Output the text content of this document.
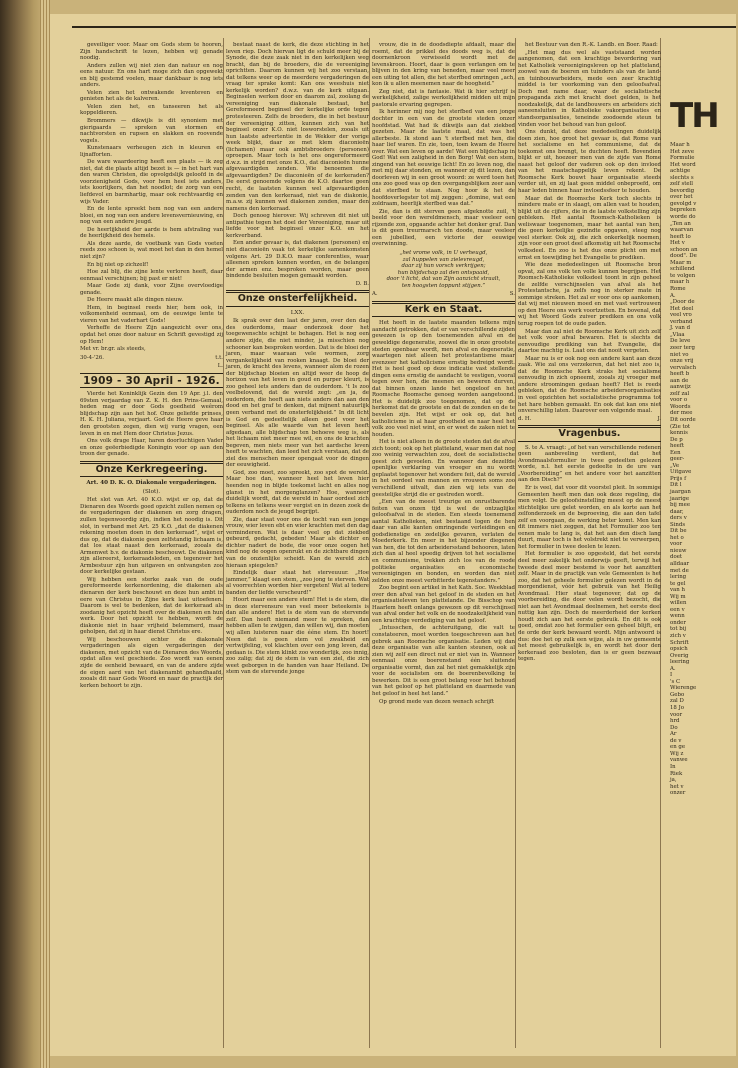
geveiliger voor. Maar om Gods stem te hooren, Zijn handschrift te lezen, hebben wij genade noodig.

Anders zullen wij niet zien dan natuur en nog eens natuur. En ons hart moge zich dan opgewekt en blij gestemd voelen, maar dankbaar is nog iets anders.

Velen zien het ontwakende leventeven en genieten het als de kalveren.

Velen zien het, en tanseeren het als koppeldieren.

Brommers — dikwijls is dit synoniem met gierigaards — spreken van stormen en nachtvorsten en rupsen en slakken en roovende vogels.

Kunstenaars verheugen zich in kleuren en lijnafforten.

De ware waardeering heeft een plaats — ik zeg niet, dat die plaats altijd bezet is — in het hart van den waren Christen, die opvolgdslijk geloofd in de voorzienigheid Gods, voor hem heel iets anders, iets koorlijkers, dan het noodlot; de zorg van een liefdevol en barmhartig, maar ook rechtvaardig en wijs Vader.

En de lente spreekt hem nog van een andere bloei, en nog van een andere levensvernieuwing, en nog van een andere jeugd.

De heerlijkheid der aarde is hem afstraling van de heerlijkheid des hemels.

Als deze aarde, de voetbank van Gods voeten reeds zoo schoon is, wat moet het dan in den hemel niet zijn?

En bij niet op zichzelf!

Hoe zal blij, die zijne lente verloren heeft, daar eenmaal verschijnen; bij past er niet!

Maar Gode zij dank, voor Zijne overvloedige genade.

De Heere maakt alle dingen nieuw.

Hem, in beginsel reeds hier, hem ook, in volkomenheid eenmaal, om de eeuwige lente te vieren van het vaderhart Gods!

Verheffe de Heere Zijn aangezicht over ons, opdat het onze door natuur en Schrift gevestigd zij op Hem!

Met vr. br.gr. als steeds,
30-4-'26.	t.t.
L.
1909 - 30 April - 1926.

Vierde het Koninklijk Gezin den 19 Apr. j.l. den 69sten verjaardag van Z. K. H. den Prins-Gemaal, heden mag er door Gods goedheid weêrom blijdschap zijn aan het hof. Onze geliefde prinses, H. K. H. Juliana, verjaart. God de Heere geve haar den grootsten zegen, dien wij vurig vragen, een leven in en met Hem door Christus Jezus.

Ons volk drage Haar, haren doorluchtigen Vader en onze geëerbiedigde Koningin voor op aan den troon der genade.

Onze Kerkregeering.
Art. 40 D. K. O. Diakonale vergaderingen.
(Slot).

Het slot van Art. 40 K.O. wijst er op, dat de Dienaren des Woords goed opzicht zullen nemen op de vergaderingen der diakenen en zorg dragen, zullen tegenwoordig zijn, indien het noodig is. Dit slot, in verband met Art. 25 K.O. „dat de diakenen rekening moeten doen in den kerkeraad”, wijst er dus op, dat de diakonie geen zelfstandig lichaam is, dat los staat naast den kerkeraad, zooals de Armenwet b.v. de diakonie beschouwt. De diakenen zijn allereerst, kerkeraadsleden, en tegenover het Armbestuur zijn hun uitgaven en ontvangsten zoo door kerkelijke gestaan.

Wij hebben een sterke zaak van de oude gereformeerde kerkenordening, die diakenen als dienaren der kerk beschouwt en deze hun ambt in eere van Christus in Zijne kerk laat uitoefenen. Daarom is wel te bedenken, dat de kerkeraad als zoodanig het opzicht heeft over de diakenen en hun werk. Door het opzicht te hebben, wordt de diakonie niet in haar vrijheid belemmerd, maar geholpen, dat zij in haar dienst Christus ere.

Wij beschouwen echter de diakonale vergaderingen als eigen vergaderingen der diakenen, met opzicht van de Dienaren des Woords, opdat alles wel geschiede. Zoo wordt van eenen zijde de eenheid bewaard, en van de andere zijde de eigen aard van het diakenambt gehandhaafd, zooals dit naar Gods Woord en naar de practijk der kerken behoort te zijn.

bestaat naast de kerk, die deze stichting in het leven riep. Doch hiervan ligt de schuld meer bij de Synode, die deze zaak niet in den kerkelijken weg bracht, dan bij de broeders, die de vereeniging oprichtten. Daarom kunnen wij het zoo verstaan, dat telkens weer op de meerdere vergaderingen de vraag ter sprake komt: Kan ons weeshuis niet kerkelijk worden? d.w.z. van de kerk uitgaan. Beginselen werken door en daarom zal, zoolang de vereeniging van diakonale bestaat, het Gereformeerd beginsel der kerkelijke orde tegen protesteeren. Zelfs de broeders, die in het bestuur der vereeniging zitten, kunnen zich van het beginsel onzer K.O. niet losworstelen, zooals uit hun laatste advertentie in de Wekker der vorige week blijkt, daar ze met klem diaconieën (lichamen) maar ook ambtsbroeders (personen) oproepen. Maar toch is het ons ongereformeerd d.w.z. in strijd met onze K.O., dat diaconieën hunne afgevaardigden zenden. Wie benoemen die afgevaardigden? De diaconieën of de kerkeraden? De eerst genoemde volgens de K.O. daartoe geen recht, de laatsten kunnen wel afgevaardigden zenden van den kerkeraad, niet van de diakonie, m.a.w. zij kunnen wel diakenen zenden, maar den namens den kerkeraad.

Doch genoeg hierover. Wij schreven dit niet uit antipathie tegen het doel der Vereeniging, maar uit liefde voor het beginsel onzer K.O. en het kerkverband.

Een ander gevaar is, dat diakenen (personen) en niet diaconieën vaak tot kerkelijke samenkomsten volgens Art. 29 D.K.O. maar conferenties, waar alleenen spreken kunnen worden, en de belangen der armen enz. besproken worden, maar geen bindende besluiten mogen gemaakt worden.

D. B.
Onze onsterfelijkheid.
LXX.

Ik sprak over den laat der jaren, over den dag des ouderdoms, maar onderzoek door het toegewenschte schijnt te behagen. Het is nog een andere zijde, die niet minder, ja misschien nog schooner kan besproken worden. Dat is de bloei der jaren, maar waaraan vele wormen, zorg vergankelijkheid van rooken knaagt. De bloei der jaren, de kracht des levens, wanneer alom de rozen der blijdschap bloeien en altijd weer de hoop de horizon van het leven in goud en purper kleurt, is zoo geheel iets anders dan de ouderdom. 't Is zoo veelbelovend, dat de wereld zegt: „en ja, de ouderdom, die heeft aan niets anders dan aan den dood en het graf te denken, dat mijnent natuurlijk geen verband met de onsterfelijkheid.” In dit licht is God en gedeeltelijk alleen goed voor het beginsel. Als alle waarde van het leven heeft afgedaan, alle blijdschap ten behoeve weg is, als het lichaam niet meer mee wil, en ons de krachten begeven, men niets meer van het aardsche leven heeft te wachten, dan leed het zich verstaan, dat de ziel des menschen meer opengaat voor de dingen der eeuwigheid.

God, zoo moet, zoo spreekt, zoo spot de wereld. Maar hoe dan, wanneer heel het leven hier heenden nog in blijde toekomst lacht en alles nog glanst in het morgenglanzen? Hoe, wanneer duidelijk wordt, dat de wereld in haar oordeel zich telkens en telkens weer vergist en in dezen zoek de ouderdom noch de jeugd begrijpt.

Zie, daar staat voor ons de tocht van een jonge vrouw, wier leven ebt en wier krachten met den dag verminderen. Wat is daar veel op dat ziekbed gebeurd, gedacht, gebeden! Maar als dichter en dichter nadert de bode, die voor onze oogen het kind nog de oogen openrukt en de zichtbare dingen van de onzienlijke scheidt. Kan de wereld zich hieraan spiegelen?

Eindelijk daar staat het sterveuuur. „Hoe jammer,” klaagt een stem, „zoo jong te sterven. Wat al voorrechten worden hier vergeten! Wat al tedere banden der liefde verscheurd!”

Hoort maar een andere stem! Het is de stem, die in deze stervensure van veel meer beteekenis is dan alle andere! Het is de stem van de stervende zelf. Dan heeft niemand meer te spreken, dan hebben allen te zwijgen, dan willen wij, dan moeten wij allen luisteren naar die ééne stem. En hoort! Neen dat is geen stem vol zwakheid en vertwijfeling, vol klachten over een jong leven, dat gedaan is. Die stem klinkt zoo wonderlijk, zoo innig, zoo zalig; dat zij de stem is van een ziel, die zich weet geborgen in de handen van haar Heiland. De stem van de stervende jonge

vrouw, die in de doodsdiepte afdaalt, maar die roemt, dat de prikkel des doods weg is, dat de doornenkroon verwisseld wordt met de levenskroon. Hoort, daar is geen verlangen om te blijven in den kring van beneden, maar veel meer een uiting tot allen, die het sterfbed omringen „ach, kon ik u allen meenemen naar de hoogheid.”

Zeg niet, dat is fantasie. Wat ik hier schrijf is werkelijkheid, zalige werkelijkheid midden uit mijn pastorale ervaring gegrepen.

Ik herinner mij nog het sterfbed van een jonge dochter in een van de grootste steden onzer hoofdstad. Wat had ik dikwijls aan dat ziekbed gezeten. Maar de laatste maal, dat was het allerbeste. Ik stond aan 't sterfbed met hen, die haar lief waren. En zie, toen, toen kwam de Heere over. Wat een leven op aarde! Wat een blijdschap in God! Wat een zaligheid in den Borg! Wat een stem, zingend van het eeuwige licht! En zo leven nog, die met mij daar stonden, en wanneer zij dit lezen, dan doorleven wij in een groot woord: ze werd toen het ons zoo goed was op den overgangsblijken zeer aan dat sterfbed te staan. Nog hoor ik het de hoofdoverlegster tot mij zeggen: „domine, wat een zoldraam, heerlijk sterfbed was dat.”

Zie, dan is dit sterven geen afgeknotte zuil, 't beeld voor den wereldmensch, maar veeleer een rijzende zon, opgaande achter het donker graf. Dan is dit geen treurmarsch ten doode, maar veeleer een jubellied, een victorie der eeuwige overwinning.

„het vrome volk, in U verheugd,
zal huppelen van zielevreugd,
daar zij hun vorsch verkrijgen;
hun blijdschap zal den ontspaaid,
door 't licht, dat van Zijn aanzicht straalt,
ten hoogsten toppunt stijgen.”
A.	S.
Kerk en Staat.

Het heeft in de laatste maanden telkens mijn aandacht getrokken, dat er van verschillende zijden gewezen is op den toenemenden afval en de geweldige degeneratie, zoowel die in onze grootste steden openbaar wordt, men afval en degeneratie, waartegen niet alleen het protestantisme maar evenzeer het katholicisme ernstig bedreigd wordt. Het is heel goed op deze indicatie vast stellende dingen eens ernstig de aandacht te vestigen, vooral tegen over hen, die meenen en beweren durven, dat binnen onzen lande het ongeloof en het Roomsche Roomsche genoeg worden aangetoond. Het is duidelijk zoo toegenomen, dat op de herkomst dat de grootste en dat de zonden en de te bevelen zijn. Het wijst er ook op, dat het katholicisme in al haar grootheid en naar heel het volk zoo veel niet wint, en er weet de zaken niet te houden.

Het is niet alleen in de groote steden dat de afval zich toont; ook op het platteland, waar men dat nog zoo weinig verwachten zou, doet de socialistische geest zich gevoelen. En wanneer dan dezelfde openlijke verklaring van vroeger en nu wordt geplaatst tegenover het wondere feit, dat de wereld in het oordeel van mannen en vrouwen soms zoo verschillend uitvalt, dan zien wij iets van de geestelijke strijd die er gestreden wordt.

„Een van de meest treurige en onrustbarende feiten van onzen tijd is wel de ontzaglijke geloofsafval in de steden. Een steeds toenemend aantal Katholieken, niet bestaand logen de hen daar van alle kanten omringende verleidingen en godsdienstige en zedelijke gevaren, verlaten de Moederkerk. En meer in het bijzonder diegenen van hen, die tot den arbeidersstand behooren, laten zich dan al heel spoedig drijven tot het socialisme en communisme, trekken zich los van de roode politieke organisaties en economische vereenigingen en bonden, en worden dan niet zelden onze meest verbitterde tegenstanders.”

Zoo begint een artikel in het Kath. Soc. Weekblad over den afval van het geloof in de steden en het organisatieleven ten plattelande. De Bisschop van Haarlem heeft onlangs gewezen op dit verschijnsel van afval onder het volk en de noodzakelijkheid van een krachtige verdediging van het geloof.

„Intusschen, de achteruitgang, die valt te constateeren, moet worden toegeschreven aan het gebrek aan Roomsche organisatie. Leden wij dan deze organisatie van alle kanten steunen, ook al zien wij zelf een direct nut er niet van in. Wanneer eenmaal onze boerenstand één sluitende organisatie vormt, dan zal het niet gemakkelijk zijn voor de socialisten om de boerenbevolking te bewerken. Dit is een groot belang voor het behoud van het geloof op het platteland en daarmede van het geloof in heel het land.”

Op grond mede van dezen wensch schrijft

het Bestuur van den R.-K. Landb. en Boer. Raad:

„Het mag dus wel als vaststaand worden aangenomen, dat een krachtige bevordering van het Katholiek vereenigingsleven op het platteland, zoowel van de boeren en tuinders als van de land- en tuinbouwarbeiders, mede een zeer krachtig middel is ter voorkoming van den geloofsafval. Doch met name daar, waar de socialistische propaganda zich met kracht doet gelden, is het noodzakelijk, dat de landbouwers en arbeiders zich aaneensluiten in Katholieke vakorganisaties en standsorganisaties, teneinde zoodoende steun te vinden voor het behoud van hun geloof.

Ons dunkt, dat deze mededeelingen duidelijk doen zien, hoe groot het gevaar is, dat Rome van het socialisme en het communisme, dat de toekomst ons brengt, te duchten heeft. Bovendien blijkt er uit, hoezeer men van de zijde van Rome naast het geloof der vaderen ook op den invloed van het maatschappelijk leven rekent. De Roomsche Kerk bouwt haar organisatie steeds verder uit, en zij laat geen middel onbeproefd, om haar leden binnen haar invloedssfeer te houden.

Maar dat de Roomsche Kerk toch slechts in mindere mate er in slaagt, om allen vast te houden, blijkt uit de cijfers, die in de laatste volkstelling zijn gebleken. Het aantal Roomsch-Katholieken is weliswaar toegenomen, maar het aantal van hen, die geen kerkelijke gezindte opgaven, steeg nog veel sterker. Ook zij, die zich onkerkelijk noemen, zijn voor een groot deel afkomstig uit het Roomsche volksdeel. En zoo is het dus onze plicht om met ernst en toewijding het Evangelie te prediken.

Wie deze mededeelingen uit Roomsche bron opvat, zal ons volk ten volle kunnen begrijpen. Het Roomsch-Katholieke volksdeel toont in zijn geheel de zelfde verschijnselen van afval als het Protestantsche, ja zelfs nog in sterker mate in sommige streken. Het zal er voor ons op aankomen, dat wij met nieuwen moed en met vast vertrouwen op den Heere ons werk voortzetten. En bovenal, dat wij het Woord Gods zuiver prediken en ons volk terug roepen tot de oude paden.

Maar dan zal niet de Roomsche Kerk uit zich zelf het volk voor afval bewaren. Het is slechts de eenvoudige prediking van het Evangelie, die daartoe machtig is. Laat ons dat nooit vergeten.

Maar nu is er ook nog een andere kant aan deze zaak. Wie zal ons verzekeren, dat het niet zoo is, dat de Roomsche Kerk straks het socialisme eenvoudig in zich opneemt, zooals zij vroeger met andere stroomingen gedaan heeft? Het is reeds gebleken, dat de Roomsche arbeidersorganisaties in veel opzichten het socialistische programma tot het hare hebben gemaakt. En ook dat kan ons niet onverschillig laten. Daarover een volgende maal.

d. H.	J.
Vragenbus.

S. te A. vraagt: „of het van verschillende redenen geen aanbeveling verdient, dat het Avondmaalsformulier in twee gedeelten gelezen worde, n.l. het eerste gedeelte in de ure van „Voorbereiding” en het andere voor het aanzitten aan den Disch?”

Er is veel, dat voor dit voorstel pleit. In sommige Gemeenten heeft men dan ook deze regeling, die men volgt. De geloofsinstelling meest op de meest stichtelijke ure gelet worden, en als korte aan het zelfonderzoek en de beproeving, die aan den tafel zelf en voorgaan, de werking beter komt. Men kan dit immers niet zeggen, dat het Formulier zoo ten eenen male te lang is, dat het aan den disch lang duurt, maar toch is het volstrekt niet te verwerpen, het formulier in twee deelen te lezen.

Het formulier is zoo opgesteld, dat het eerste deel meer zakelijk het onderwijs geeft, terwijl het tweede deel meer bestemd is voor het aanzitten zelf. Maar in de practijk van vele Gemeenten is het zoo, dat het geheele formulier gelezen wordt in de morgendienst, vóór het gebruik van het Heilig Avondmaal. Hier staat tegenover, dat op de voorbereiding, die door velen wordt bezocht, die niet aan het Avondmaal deelnemen, het eerste deel nuttig kan zijn. Doch de meerderheid der kerken houdt zich aan het eerste gebruik. En dit is ook goed, omdat zoo het formulier een geheel blijft, en de orde der kerk bewaard wordt. Mijn antwoord is dus: doe het op zulk een wijze, als in uw gemeente het meest gebruikelijk is, en wordt het door den kerkeraad zoo besloten, dan is er geen bezwaar tegen.

TH
Maar h
Het zeve
Formulie
Het word
achtige
slechts s
zelf stell
bevordig
over het
gevolgd v
bepreken
worde do
„Ten an
waarvan
heeft lo
Het v
schoon an
dood". De
Maar m
schillend
te volgen
maar h
Rome
A.
„Door de
Het deel
veel vro
verband
J. van d
„Vlaa
De leve
zeer terg
niet vo
onze vrij
vervalsch
heeft b
aan de
aanwijz
zelf zal
voor o
Woords
der mee
Dit oorde
(Zie tot
kennis
De p
heeft
Een
geer-
„Ve
Uitgave
Prijs f
Dit l
jaargan
jaarige
bij mee
daar,
ders v
Sinds
Dit be
het o
voor
nieuw
doet
alldaar
met de
lering
te gel
van h
Wij m
willen
een v
wenn
onder
tot bij
zich v
Schrift
opsich
Overig
leering
A.
I
's C
Wierenge
Gebo
zal D
18 Jo
voor
hrd
Do
Ar
de v
en ge
Wij z
vanwe
In
Riek
ja,
het v
onzer
